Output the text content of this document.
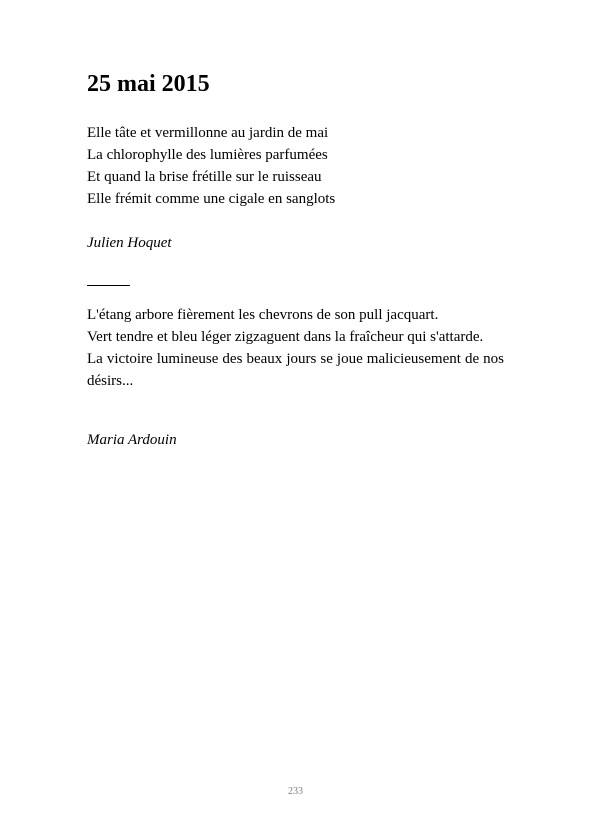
25 mai 2015
Elle tâte et vermillonne au jardin de mai
La chlorophylle des lumières parfumées
Et quand la brise frétille sur le ruisseau
Elle frémit comme une cigale en sanglots

Julien Hoquet

L'étang arbore fièrement les chevrons de son pull jacquart.
Vert tendre et bleu léger zigzaguent dans la fraîcheur qui s'attarde.
La victoire lumineuse des beaux jours se joue malicieusement de nos désirs...

Maria Ardouin

233
